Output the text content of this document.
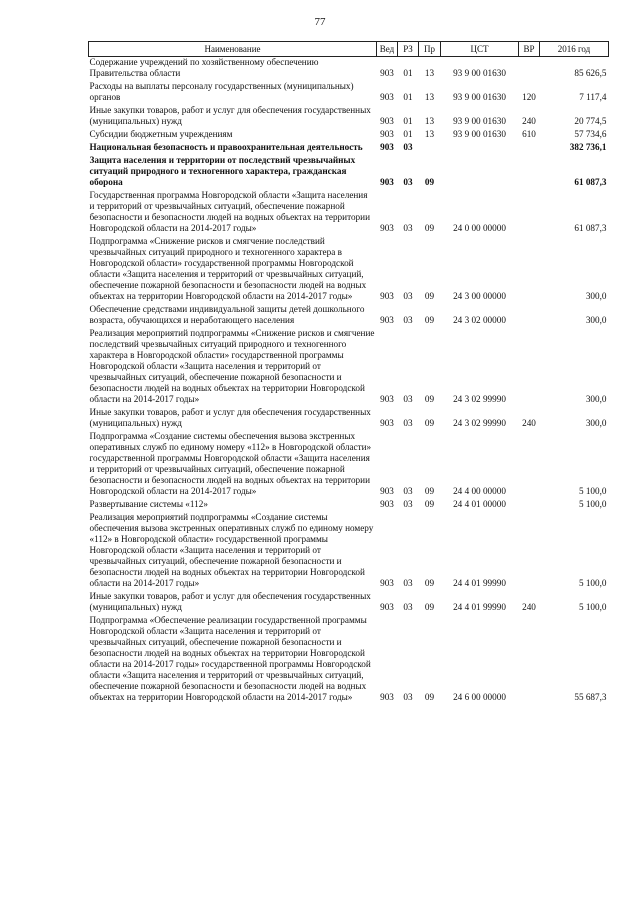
77
Наименование	Вед	РЗ	Пр	ЦСТ	ВР	2016 год
Содержание учреждений по хозяйственному обеспечению Правительства области	903	01	13	93 9 00 01630		85 626,5
Расходы на выплаты персоналу государственных (муниципальных) органов	903	01	13	93 9 00 01630	120	7 117,4
Иные закупки товаров, работ и услуг для обеспечения государственных (муниципальных) нужд	903	01	13	93 9 00 01630	240	20 774,5
Субсидии бюджетным учреждениям	903	01	13	93 9 00 01630	610	57 734,6
Национальная безопасность и правоохранительная деятельность	903	03				382 736,1
Защита населения и территории от последствий чрезвычайных ситуаций природного и техногенного характера, гражданская оборона	903	03	09			61 087,3
Государственная программа Новгородской области «Защита населения и территорий от чрезвычайных ситуаций, обеспечение пожарной безопасности и безопасности людей на водных объектах на территории Новгородской области на 2014-2017 годы»	903	03	09	24 0 00 00000		61 087,3
Подпрограмма «Снижение рисков и смягчение последствий чрезвычайных ситуаций природного и техногенного характера в Новгородской области» государственной программы Новгородской области «Защита населения и территорий от чрезвычайных ситуаций, обеспечение пожарной безопасности и безопасности людей на водных объектах на территории Новгородской области на 2014-2017 годы»	903	03	09	24 3 00 00000		300,0
Обеспечение средствами индивидуальной защиты детей дошкольного возраста, обучающихся и неработающего населения	903	03	09	24 3 02 00000		300,0
Реализация мероприятий подпрограммы «Снижение рисков и смягчение последствий чрезвычайных ситуаций природного и техногенного характера в Новгородской области» государственной программы Новгородской области «Защита населения и территорий от чрезвычайных ситуаций, обеспечение пожарной безопасности и безопасности людей на водных объектах на территории Новгородской области на 2014-2017 годы»	903	03	09	24 3 02 99990		300,0
Иные закупки товаров, работ и услуг для обеспечения государственных (муниципальных) нужд	903	03	09	24 3 02 99990	240	300,0
Подпрограмма «Создание системы обеспечения вызова экстренных оперативных служб по единому номеру «112» в Новгородской области» государственной программы Новгородской области «Защита населения и территорий от чрезвычайных ситуаций, обеспечение пожарной безопасности и безопасности людей на водных объектах на территории Новгородской области на 2014-2017 годы»	903	03	09	24 4 00 00000		5 100,0
Развертывание системы «112»	903	03	09	24 4 01 00000		5 100,0
Реализация мероприятий подпрограммы «Создание системы обеспечения вызова экстренных оперативных служб по единому номеру «112» в Новгородской области» государственной программы Новгородской области «Защита населения и территорий от чрезвычайных ситуаций, обеспечение пожарной безопасности и безопасности людей на водных объектах на территории Новгородской области на 2014-2017 годы»	903	03	09	24 4 01 99990		5 100,0
Иные закупки товаров, работ и услуг для обеспечения государственных (муниципальных) нужд	903	03	09	24 4 01 99990	240	5 100,0
Подпрограмма «Обеспечение реализации государственной программы Новгородской области «Защита населения и территорий от чрезвычайных ситуаций, обеспечение пожарной безопасности и безопасности людей на водных объектах на территории Новгородской области на 2014-2017 годы» государственной программы Новгородской области «Защита населения и территорий от чрезвычайных ситуаций, обеспечение пожарной безопасности и безопасности людей на водных объектах на территории Новгородской области на 2014-2017 годы»	903	03	09	24 6 00 00000		55 687,3
